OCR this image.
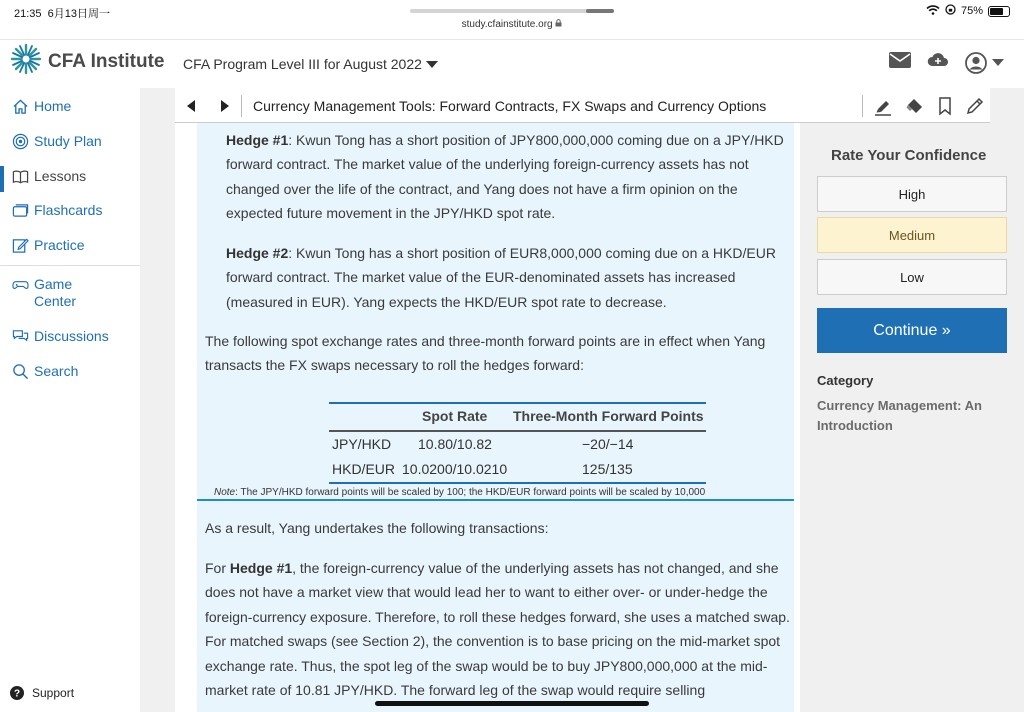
21:35 6月13日周一
study.cfainstitute.org
75%
CFA Institute CFA Program Level III for August 2022
Home
Study Plan
Lessons
Flashcards
Practice
Game Center
Discussions
Search
? Support
Currency Management Tools: Forward Contracts, FX Swaps and Currency Options
Hedge #1: Kwun Tong has a short position of JPY800,000,000 coming due on a JPY/HKD
forward contract. The market value of the underlying foreign-currency assets has not
changed over the life of the contract, and Yang does not have a firm opinion on the
expected future movement in the JPY/HKD spot rate.
Hedge #2: Kwun Tong has a short position of EUR8,000,000 coming due on a HKD/EUR
forward contract. The market value of the EUR-denominated assets has increased
(measured in EUR). Yang expects the HKD/EUR spot rate to decrease.
The following spot exchange rates and three-month forward points are in effect when Yang
transacts the FX swaps necessary to roll the hedges forward:
Spot Rate Three-Month Forward Points
JPY/HKD 10.80/10.82	−20/−14
HKD/EUR 10.0200/10.0210	125/135
Note: The JPY/HKD forward points will be scaled by 100; the HKD/EUR forward points will be scaled by 10,000
As a result, Yang undertakes the following transactions:
For Hedge #1, the foreign-currency value of the underlying assets has not changed, and she
does not have a market view that would lead her to want to either over- or under-hedge the
foreign-currency exposure. Therefore, to roll these hedges forward, she uses a matched swap.
For matched swaps (see Section 2), the convention is to base pricing on the mid-market spot
exchange rate. Thus, the spot leg of the swap would be to buy JPY800,000,000 at the mid-
market rate of 10.81 JPY/HKD. The forward leg of the swap would require selling
Rate Your Confidence
High
Medium
Low
Continue »
Category
Currency Management: An Introduction
